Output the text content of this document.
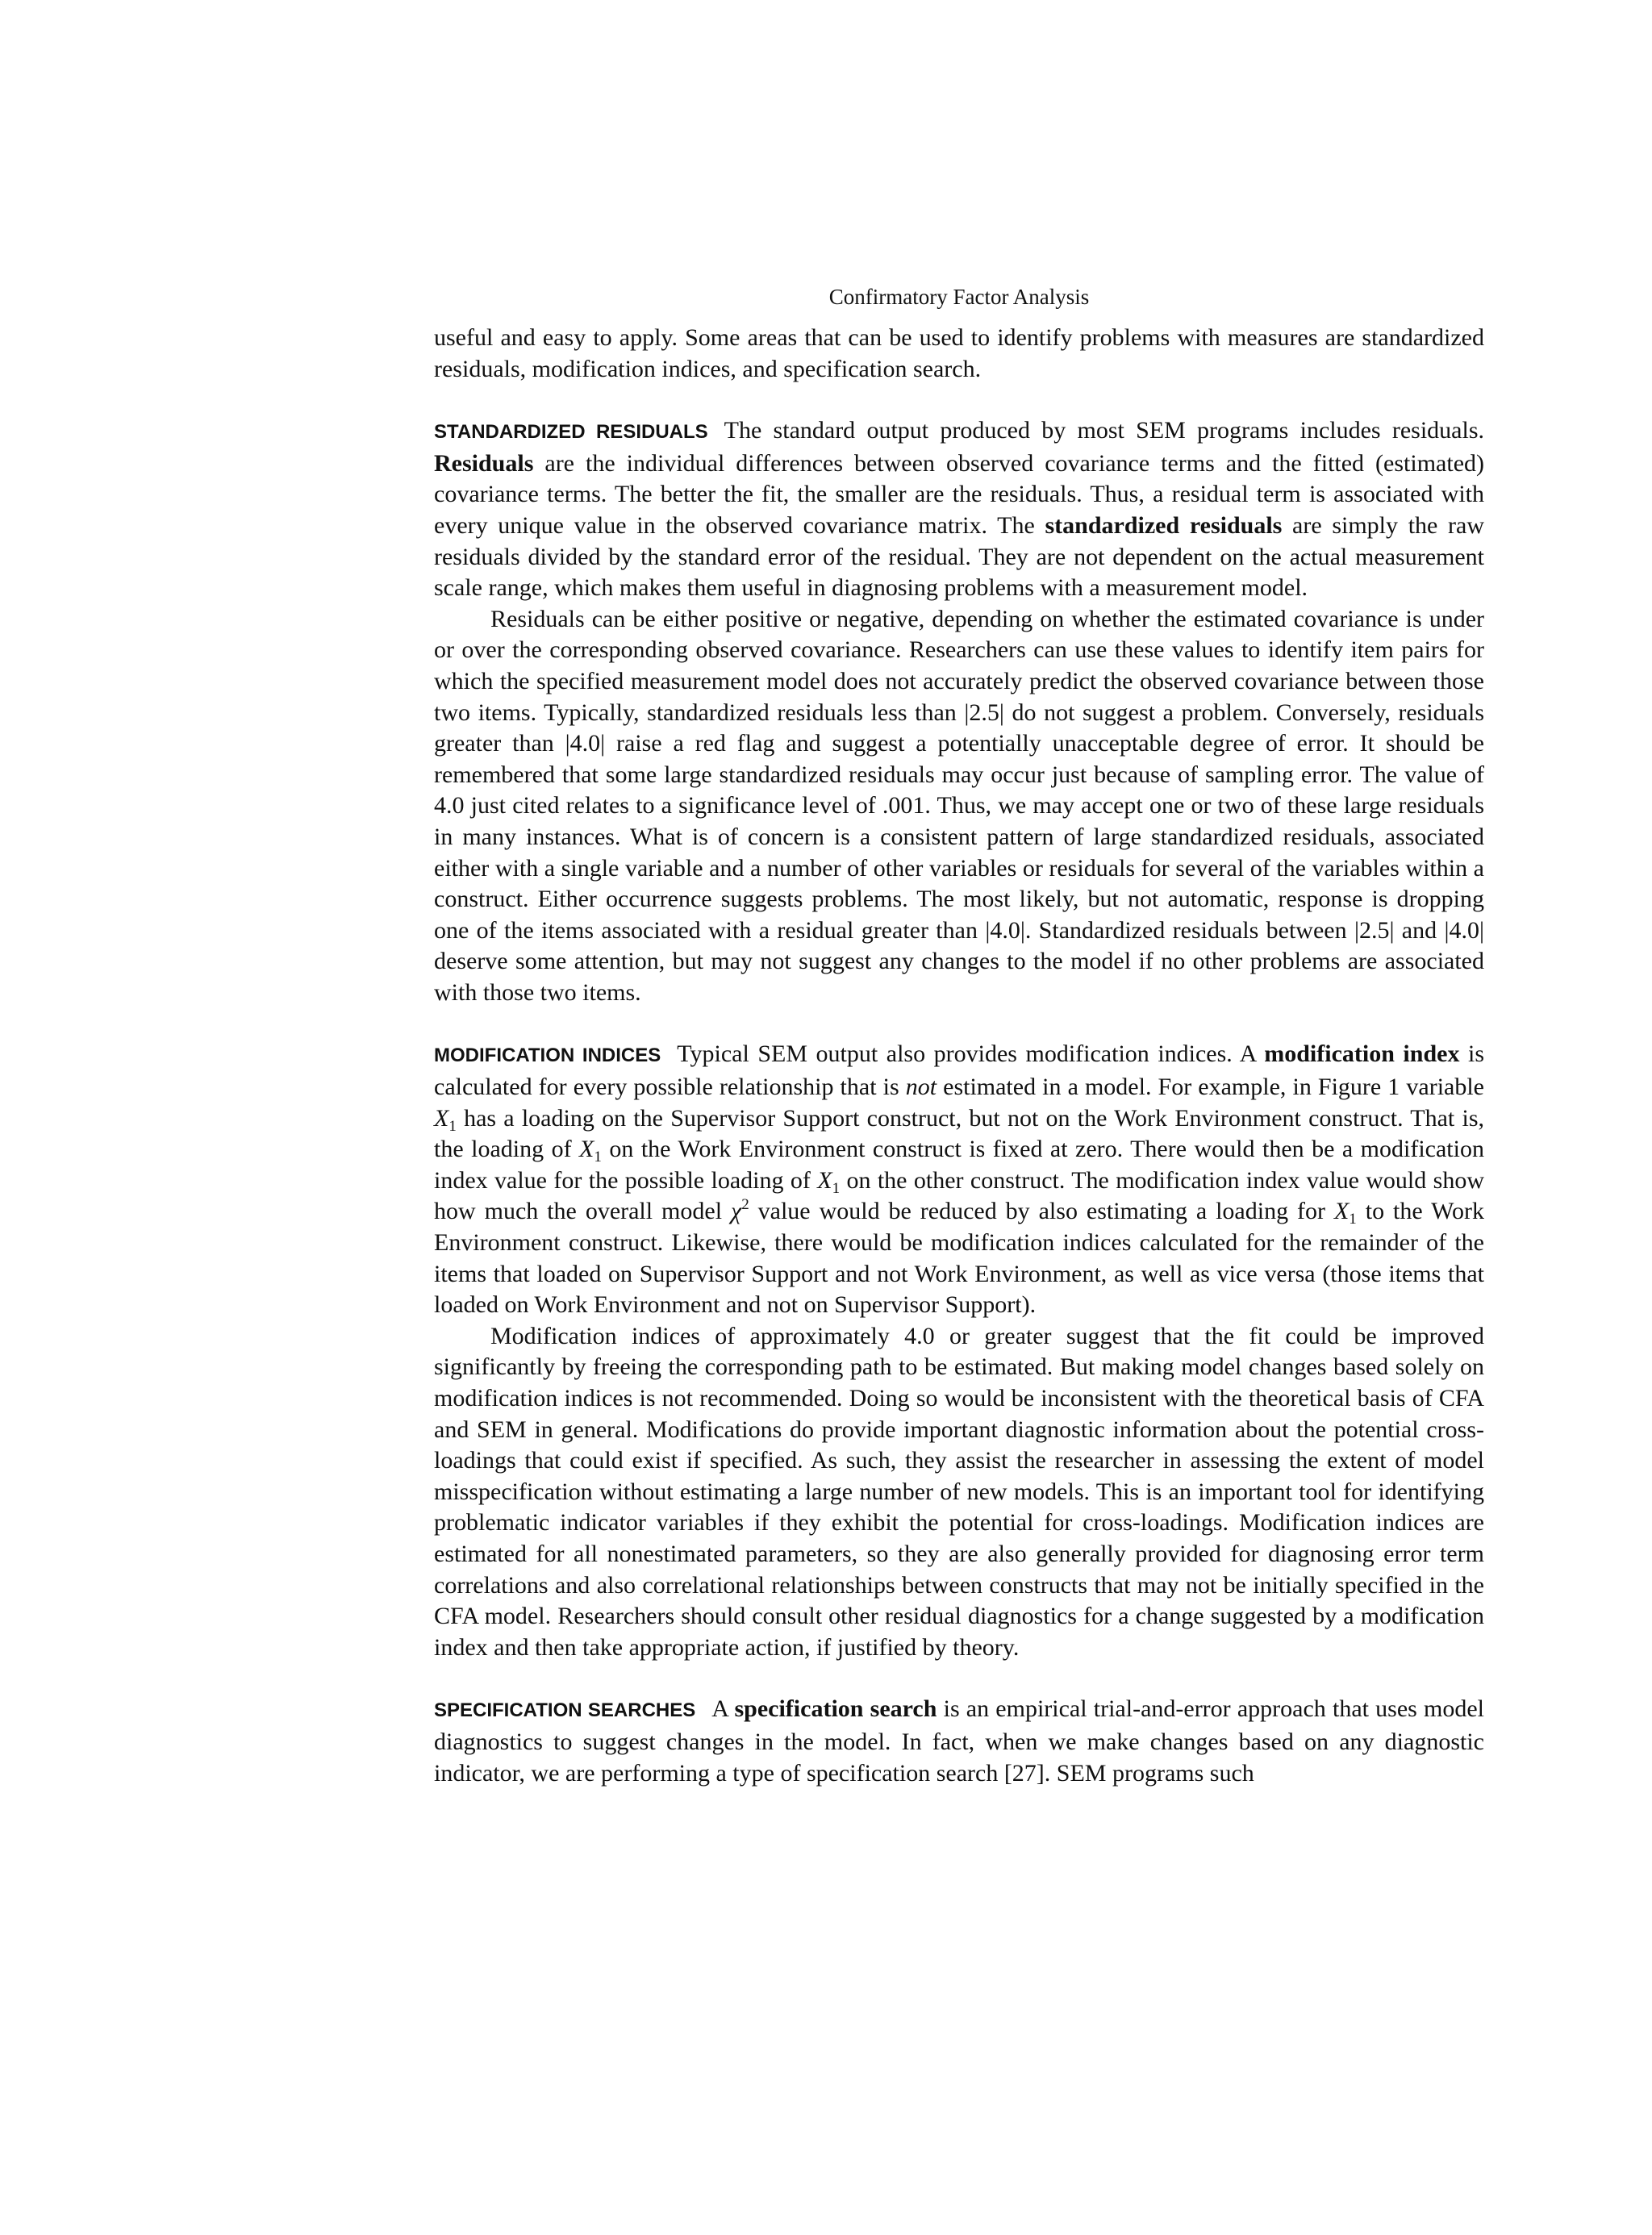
Confirmatory Factor Analysis

useful and easy to apply. Some areas that can be used to identify problems with measures are standardized residuals, modification indices, and specification search.

STANDARDIZED RESIDUALS The standard output produced by most SEM programs includes residuals. Residuals are the individual differences between observed covariance terms and the fitted (estimated) covariance terms. The better the fit, the smaller are the residuals. Thus, a residual term is associated with every unique value in the observed covariance matrix. The standardized residuals are simply the raw residuals divided by the standard error of the residual. They are not dependent on the actual measurement scale range, which makes them useful in diagnosing problems with a measurement model.

Residuals can be either positive or negative, depending on whether the estimated covariance is under or over the corresponding observed covariance. Researchers can use these values to identify item pairs for which the specified measurement model does not accurately predict the observed covariance between those two items. Typically, standardized residuals less than |2.5| do not suggest a problem. Conversely, residuals greater than |4.0| raise a red flag and suggest a potentially unacceptable degree of error. It should be remembered that some large standardized residuals may occur just because of sampling error. The value of 4.0 just cited relates to a significance level of .001. Thus, we may accept one or two of these large residuals in many instances. What is of concern is a consistent pattern of large standardized residuals, associated either with a single variable and a number of other variables or residuals for several of the variables within a construct. Either occurrence suggests problems. The most likely, but not automatic, response is dropping one of the items associated with a residual greater than |4.0|. Standardized residuals between |2.5| and |4.0| deserve some attention, but may not suggest any changes to the model if no other problems are associated with those two items.

MODIFICATION INDICES Typical SEM output also provides modification indices. A modification index is calculated for every possible relationship that is not estimated in a model. For example, in Figure 1 variable $X_1$ has a loading on the Supervisor Support construct, but not on the Work Environment construct. That is, the loading of $X_1$ on the Work Environment construct is fixed at zero. There would then be a modification index value for the possible loading of $X_1$ on the other construct. The modification index value would show how much the overall model $\chi^2$ value would be reduced by also estimating a loading for $X_1$ to the Work Environment construct. Likewise, there would be modification indices calculated for the remainder of the items that loaded on Supervisor Support and not Work Environment, as well as vice versa (those items that loaded on Work Environment and not on Supervisor Support).

Modification indices of approximately 4.0 or greater suggest that the fit could be improved significantly by freeing the corresponding path to be estimated. But making model changes based solely on modification indices is not recommended. Doing so would be inconsistent with the theoretical basis of CFA and SEM in general. Modifications do provide important diagnostic information about the potential cross-loadings that could exist if specified. As such, they assist the researcher in assessing the extent of model misspecification without estimating a large number of new models. This is an important tool for identifying problematic indicator variables if they exhibit the potential for cross-loadings. Modification indices are estimated for all nonestimated parameters, so they are also generally provided for diagnosing error term correlations and also correlational relationships between constructs that may not be initially specified in the CFA model. Researchers should consult other residual diagnostics for a change suggested by a modification index and then take appropriate action, if justified by theory.

SPECIFICATION SEARCHES A specification search is an empirical trial-and-error approach that uses model diagnostics to suggest changes in the model. In fact, when we make changes based on any diagnostic indicator, we are performing a type of specification search [27]. SEM programs such
